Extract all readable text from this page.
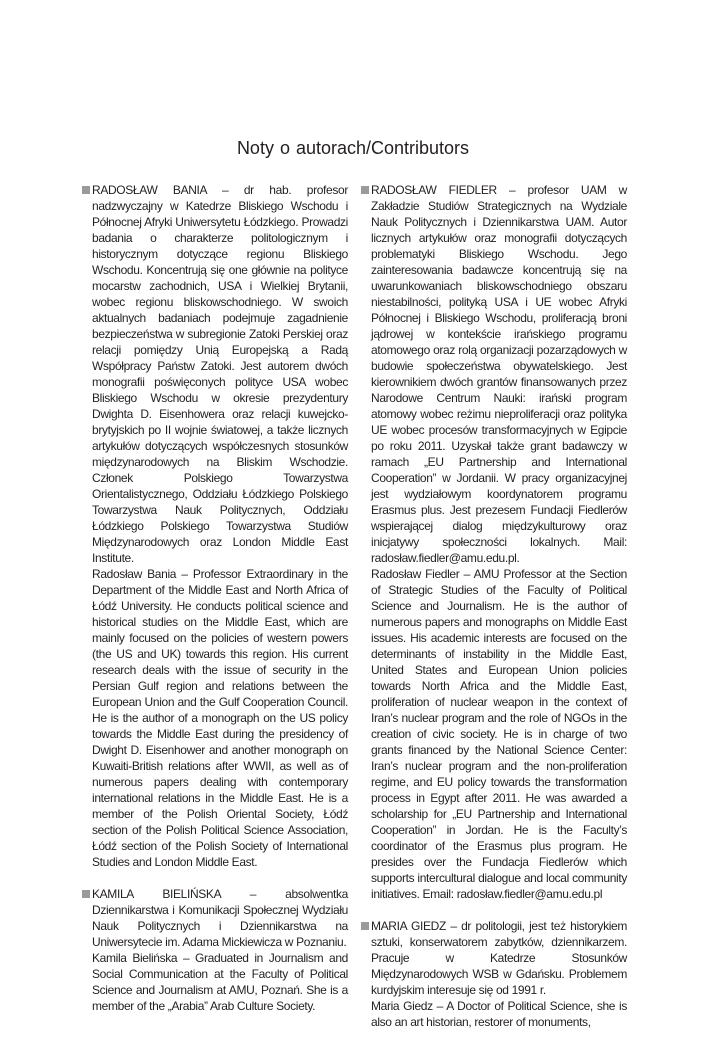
Noty o autorach/Contributors

RADOSŁAW BANIA – dr hab. profesor nadzwyczajny w Katedrze Bliskiego Wschodu i Północnej Afryki Uniwersytetu Łódzkiego. Prowadzi badania o charakterze politologicznym i historycznym dotyczące regionu Bliskiego Wschodu. Koncentrują się one głównie na polityce mocarstw zachodnich, USA i Wielkiej Brytanii, wobec regionu bliskowschodniego. W swoich aktualnych badaniach podejmuje zagadnienie bezpieczeństwa w subregionie Zatoki Perskiej oraz relacji pomiędzy Unią Europejską a Radą Współpracy Państw Zatoki. Jest autorem dwóch monografii poświęconych polityce USA wobec Bliskiego Wschodu w okresie prezydentury Dwighta D. Eisenhowera oraz relacji kuwejcko-brytyjskich po II wojnie światowej, a także licznych artykułów dotyczących współczesnych stosunków międzynarodowych na Bliskim Wschodzie. Członek Polskiego Towarzystwa Orientalistycznego, Oddziału Łódzkiego Polskiego Towarzystwa Nauk Politycznych, Oddziału Łódzkiego Polskiego Towarzystwa Studiów Międzynarodowych oraz London Middle East Institute.

Radosław Bania – Professor Extraordinary in the Department of the Middle East and North Africa of Łódź University. He conducts political science and historical studies on the Middle East, which are mainly focused on the policies of western powers (the US and UK) towards this region. His current research deals with the issue of security in the Persian Gulf region and relations between the European Union and the Gulf Cooperation Council. He is the author of a monograph on the US policy towards the Middle East during the presidency of Dwight D. Eisenhower and another monograph on Kuwaiti-British relations after WWII, as well as of numerous papers dealing with contemporary international relations in the Middle East. He is a member of the Polish Oriental Society, Łódź section of the Polish Political Science Association, Łódź section of the Polish Society of International Studies and London Middle East.

KAMILA BIELIŃSKA – absolwentka Dziennikarstwa i Komunikacji Społecznej Wydziału Nauk Politycznych i Dziennikarstwa na Uniwersytecie im. Adama Mickiewicza w Poznaniu.

Kamila Bielińska – Graduated in Journalism and Social Communication at the Faculty of Political Science and Journalism at AMU, Poznań. She is a member of the „Arabia” Arab Culture Society.

RADOSŁAW FIEDLER – profesor UAM w Zakładzie Studiów Strategicznych na Wydziale Nauk Politycznych i Dziennikarstwa UAM. Autor licznych artykułów oraz monografii dotyczących problematyki Bliskiego Wschodu. Jego zainteresowania badawcze koncentrują się na uwarunkowaniach bliskowschodniego obszaru niestabilności, polityką USA i UE wobec Afryki Północnej i Bliskiego Wschodu, proliferacją broni jądrowej w kontekście irańskiego programu atomowego oraz rolą organizacji pozarządowych w budowie społeczeństwa obywatelskiego. Jest kierownikiem dwóch grantów finansowanych przez Narodowe Centrum Nauki: irański program atomowy wobec reżimu nieproliferacji oraz polityka UE wobec procesów transformacyjnych w Egipcie po roku 2011. Uzyskał także grant badawczy w ramach „EU Partnership and International Cooperation” w Jordanii. W pracy organizacyjnej jest wydziałowym koordynatorem programu Erasmus plus. Jest prezesem Fundacji Fiedlerów wspierającej dialog międzykulturowy oraz inicjatywy społeczności lokalnych. Mail: radosław.fiedler@amu.edu.pl.

Radosław Fiedler – AMU Professor at the Section of Strategic Studies of the Faculty of Political Science and Journalism. He is the author of numerous papers and monographs on Middle East issues. His academic interests are focused on the determinants of instability in the Middle East, United States and European Union policies towards North Africa and the Middle East, proliferation of nuclear weapon in the context of Iran’s nuclear program and the role of NGOs in the creation of civic society. He is in charge of two grants financed by the National Science Center: Iran’s nuclear program and the non-proliferation regime, and EU policy towards the transformation process in Egypt after 2011. He was awarded a scholarship for „EU Partnership and International Cooperation” in Jordan. He is the Faculty’s coordinator of the Erasmus plus program. He presides over the Fundacja Fiedlerów which supports intercultural dialogue and local community initiatives. Email: radosław.fiedler@amu.edu.pl

MARIA GIEDZ – dr politologii, jest też historykiem sztuki, konserwatorem zabytków, dziennikarzem. Pracuje w Katedrze Stosunków Międzynarodowych WSB w Gdańsku. Problemem kurdyjskim interesuje się od 1991 r.

Maria Giedz – A Doctor of Political Science, she is also an art historian, restorer of monuments,
